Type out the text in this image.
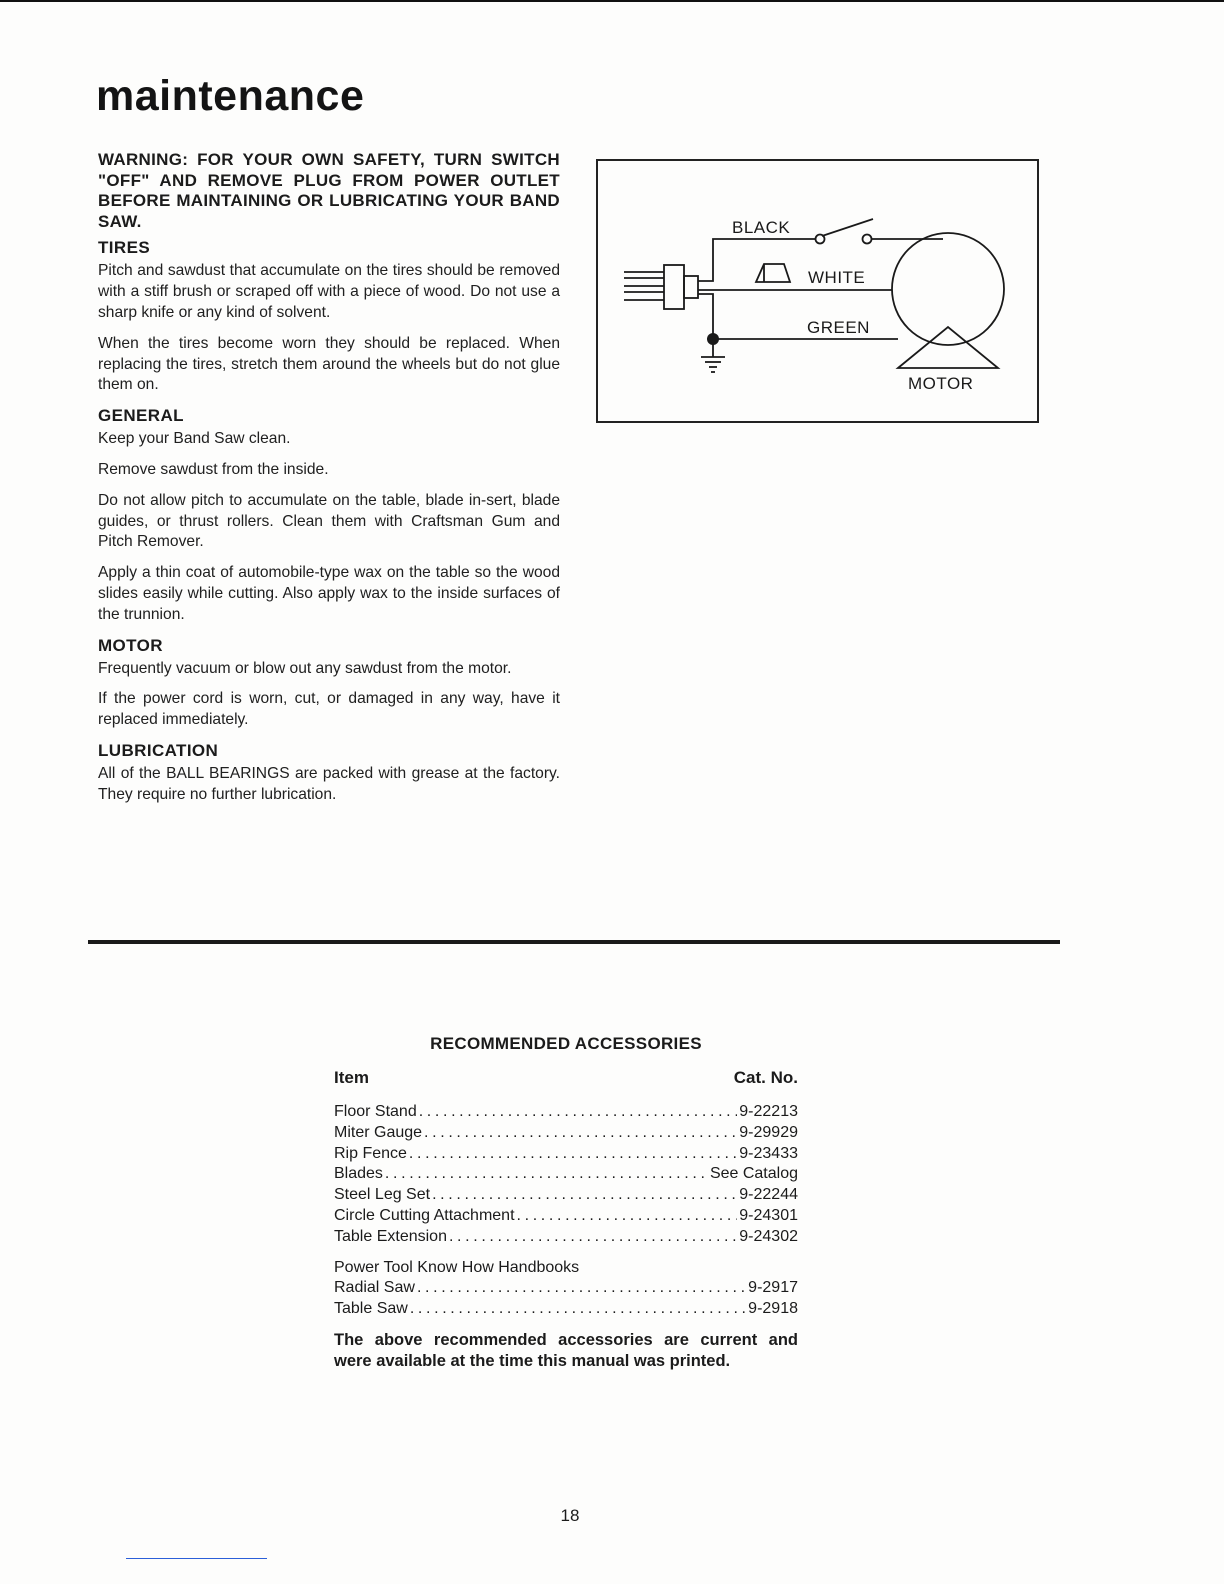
maintenance

WARNING: FOR YOUR OWN SAFETY, TURN SWITCH "OFF" AND REMOVE PLUG FROM POWER OUTLET BEFORE MAINTAINING OR LUBRICATING YOUR BAND SAW.

TIRES

Pitch and sawdust that accumulate on the tires should be removed with a stiff brush or scraped off with a piece of wood. Do not use a sharp knife or any kind of solvent.

When the tires become worn they should be replaced. When replacing the tires, stretch them around the wheels but do not glue them on.

GENERAL

Keep your Band Saw clean.

Remove sawdust from the inside.

Do not allow pitch to accumulate on the table, blade in-sert, blade guides, or thrust rollers. Clean them with Craftsman Gum and Pitch Remover.

Apply a thin coat of automobile-type wax on the table so the wood slides easily while cutting. Also apply wax to the inside surfaces of the trunnion.

MOTOR

Frequently vacuum or blow out any sawdust from the motor.

If the power cord is worn, cut, or damaged in any way, have it replaced immediately.

LUBRICATION

All of the BALL BEARINGS are packed with grease at the factory. They require no further lubrication.

BLACK
WHITE
GREEN
MOTOR
RECOMMENDED ACCESSORIES
Item	Cat. No.
Floor Stand . . .	9-22213
Miter Gauge . . .	9-29929
Rip Fence . . .	9-23433
Blades . . .	See Catalog
Steel Leg Set . . .	9-22244
Circle Cutting Attachment . . .	9-24301
Table Extension . . .	9-24302

Power Tool Know How Handbooks

Radial Saw . . .	9-2917
Table Saw . . .	9-2918

The above recommended accessories are current and were available at the time this manual was printed.

18
